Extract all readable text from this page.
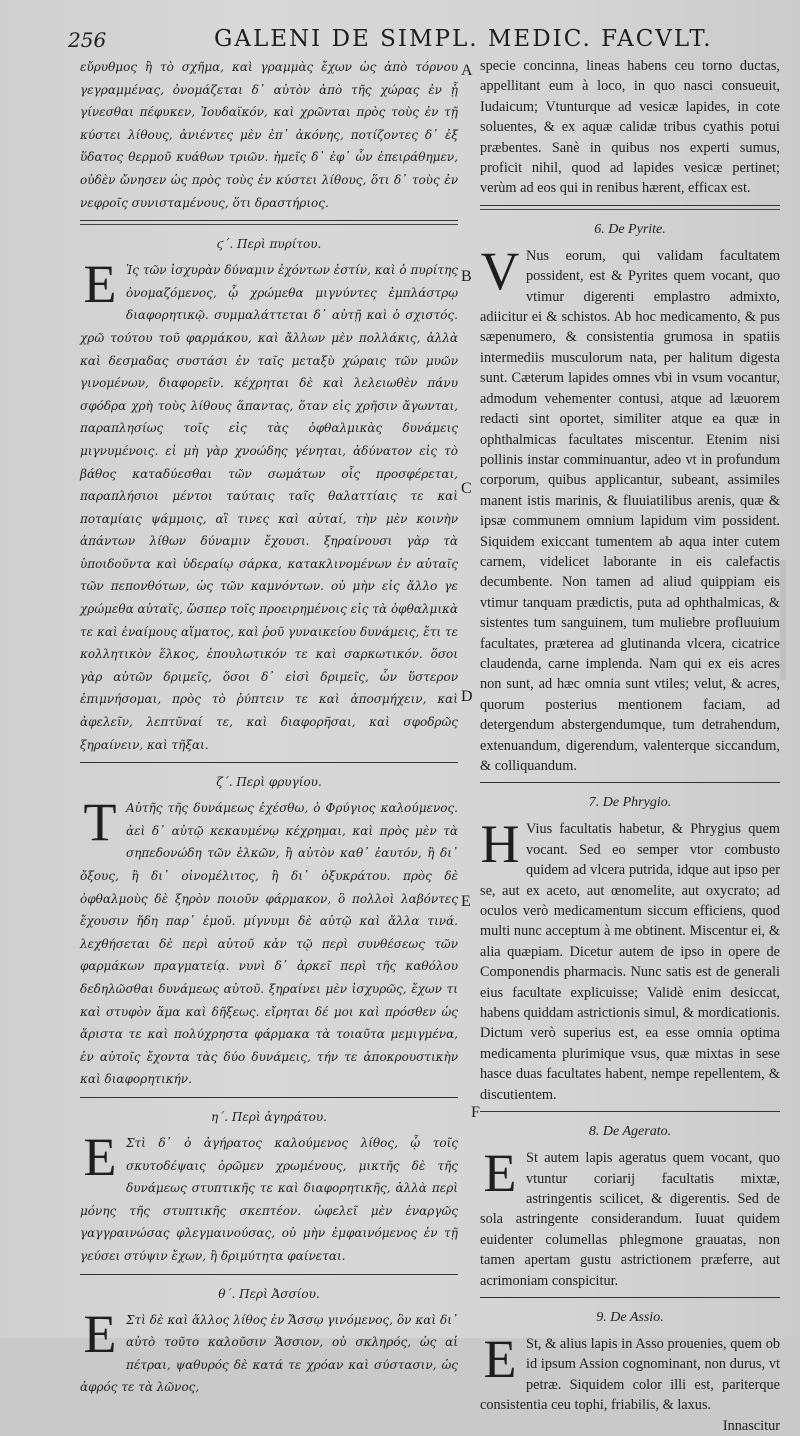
256	GALENI DE SIMPL. MEDIC. FACVLT.
A
B
C
D
E
F

εὔρυθμος ἢ τὸ σχῆμα, καὶ γραμμὰς ἔχων ὡς ἀπὸ τόρνου γεγραμμένας, ὀνομάζεται δ᾽ αὐτὸν ἀπὸ τῆς χώρας ἐν ᾗ γίνεσθαι πέφυκεν, Ἰουδαϊκόν, καὶ χρῶνται πρὸς τοὺς ἐν τῇ κύστει λίθους, ἀνιέντες μὲν ἐπ᾽ ἀκόνης, ποτίζοντες δ᾽ ἐξ ὕδατος θερμοῦ κυάθων τριῶν. ἡμεῖς δ᾽ ἐφ᾽ ὧν ἐπειράθημεν, οὐδὲν ὤνησεν ὡς πρὸς τοὺς ἐν κύστει λίθους, ὅτι δ᾽ τοὺς ἐν νεφροῖς συνισταμένους, ὅτι δραστήριος.

ϛ΄. Περὶ πυρίτου.
Ε Ἰς τῶν ἰσχυρὰν δύναμιν ἐχόντων ἐστίν, καὶ ὁ πυρίτης ὀνομαζόμενος, ᾧ χρώμεθα μιγνύντες ἐμπλάστρῳ διαφορητικῷ. συμμαλάττεται δ᾽ αὐτῇ καὶ ὁ σχιστός. χρῶ τούτου τοῦ φαρμάκου, καὶ ἄλλων μὲν πολλάκις, ἀλλὰ καὶ δεσμαδας συστάσι ἐν ταῖς μεταξὺ χώραις τῶν μυῶν γινομένων, διαφορεῖν. κέχρηται δὲ καὶ λελειωθὲν πάνυ σφόδρα χρὴ τοὺς λίθους ἅπαντας, ὅταν εἰς χρῆσιν ἄγωνται, παραπλησίως τοῖς εἰς τὰς ὀφθαλμικὰς δυνάμεις μιγνυμένοις. εἰ μὴ γὰρ χνοώδης γένηται, ἀδύνατον εἰς τὸ βάθος καταδύεσθαι τῶν σωμάτων οἷς προσφέρεται, παραπλήσιοι μέντοι ταύταις ταῖς θαλαττίαις τε καὶ ποταμίαις ψάμμοις, αἳ τινες καὶ αὐταί, τὴν μὲν κοινὴν ἁπάντων λίθων δύναμιν ἔχουσι. ξηραίνουσι γὰρ τὰ ὑποιδοῦντα καὶ ὑδεραίῳ σάρκα, κατακλινομένων ἐν αὐταῖς τῶν πεπονθότων, ὡς τῶν καμνόντων. οὐ μὴν εἰς ἄλλο γε χρώμεθα αὐταῖς, ὥσπερ τοῖς προειρημένοις εἰς τὰ ὀφθαλμικὰ τε καὶ ἐναίμους αἵματος, καὶ ῥοῦ γυναικείου δυνάμεις, ἔτι τε κολλητικὸν ἕλκος, ἐπουλωτικόν τε καὶ σαρκωτικόν. ὅσοι γὰρ αὐτῶν δριμεῖς, ὅσοι δ᾽ εἰσὶ δριμεῖς, ὧν ὕστερον ἐπιμνήσομαι, πρὸς τὸ ῥύπτειν τε καὶ ἀποσμήχειν, καὶ ἀφελεῖν, λεπτῦναί τε, καὶ διαφορῆσαι, καὶ σφοδρῶς ξηραίνειν, καὶ τῆξαι.

ζ΄. Περὶ φρυγίου.
Τ Αὐτῆς τῆς δυνάμεως ἐχέσθω, ὁ Φρύγιος καλούμενος. ἀεὶ δ᾽ αὐτῷ κεκαυμένῳ κέχρημαι, καὶ πρὸς μὲν τὰ σηπεδονώδη τῶν ἑλκῶν, ἢ αὐτὸν καθ᾽ ἑαυτόν, ἢ δι᾽ ὄξους, ἢ δι᾽ οἰνομέλιτος, ἢ δι᾽ ὀξυκράτου. πρὸς δὲ ὀφθαλμοὺς δὲ ξηρὸν ποιοῦν φάρμακον, ὃ πολλοὶ λαβόντες ἔχουσιν ἤδη παρ᾽ ἐμοῦ. μίγνυμι δὲ αὐτῷ καὶ ἄλλα τινά. λεχθήσεται δὲ περὶ αὐτοῦ κἀν τῷ περὶ συνθέσεως τῶν φαρμάκων πραγματείᾳ. νυνὶ δ᾽ ἀρκεῖ περὶ τῆς καθόλου δεδηλῶσθαι δυνάμεως αὐτοῦ. ξηραίνει μὲν ἰσχυρῶς, ἔχων τι καὶ στυφὸν ἅμα καὶ δῆξεως. εἴρηται δέ μοι καὶ πρόσθεν ὡς ἄριστα τε καὶ πολύχρηστα φάρμακα τὰ τοιαῦτα μεμιγμένα, ἐν αὐτοῖς ἔχοντα τὰς δύο δυνάμεις, τήν τε ἀποκρουστικὴν καὶ διαφορητικήν.

η΄. Περὶ ἀγηράτου.
Ε Στὶ δ᾽ ὁ ἀγήρατος καλούμενος λίθος, ᾧ τοῖς σκυτοδέψαις ὁρῶμεν χρωμένους, μικτῆς δὲ τῆς δυνάμεως στυπτικῆς τε καὶ διαφορητικῆς, ἀλλὰ περὶ μόνης τῆς στυπτικῆς σκεπτέον. ὠφελεῖ μὲν ἐναργῶς γαγγραινώσας φλεγμαινούσας, οὐ μὴν ἐμφαινόμενος ἐν τῇ γεύσει στύψιν ἔχων, ἢ δριμύτητα φαίνεται.

θ΄. Περὶ Ἀσσίου.
Ε Στὶ δὲ καὶ ἄλλος λίθος ἐν Ἄσσῳ γινόμενος, ὃν καὶ δι᾽ αὐτὸ τοῦτο καλοῦσιν Ἄσσιον, οὐ σκληρός, ὡς αἱ πέτραι, ψαθυρός δὲ κατά τε χρόαν καὶ σύστασιν, ὡς ἀφρός τε τὰ λῶνος,

specie concinna, lineas habens ceu torno ductas, appellitant eum à loco, in quo nasci consueuit, Iudaicum; Vtunturque ad vesicæ lapides, in cote soluentes, & ex aquæ calidæ tribus cyathis potui præbentes. Sanè in quibus nos experti sumus, proficit nihil, quod ad lapides vesicæ pertinet; verùm ad eos qui in renibus hærent, efficax est.

6. De Pyrite.
V Nus eorum, qui validam facultatem possident, est & Pyrites quem vocant, quo vtimur digerenti emplastro admixto, adiicitur ei & schistos. Ab hoc medicamento, & pus sæpenumero, & consistentia grumosa in spatiis intermediis musculorum nata, per halitum digesta sunt. Cæterum lapides omnes vbi in vsum vocantur, admodum vehementer contusi, atque ad læuorem redacti sint oportet, similiter atque ea quæ in ophthalmicas facultates miscentur. Etenim nisi pollinis instar comminuantur, adeo vt in profundum corporum, quibus applicantur, subeant, assimiles manent istis marinis, & fluuiatilibus arenis, quæ & ipsæ communem omnium lapidum vim possident. Siquidem exiccant tumentem ab aqua inter cutem carnem, videlicet laborante in eis calefactis decumbente. Non tamen ad aliud quippiam eis vtimur tanquam prædictis, puta ad ophthalmicas, & sistentes tum sanguinem, tum muliebre profluuium facultates, præterea ad glutinanda vlcera, cicatrice claudenda, carne implenda. Nam qui ex eis acres non sunt, ad hæc omnia sunt vtiles; velut, & acres, quorum posterius mentionem faciam, ad detergendum abstergendumque, tum detrahendum, extenuandum, digerendum, valenterque siccandum, & colliquandum.

7. De Phrygio.
H Vius facultatis habetur, & Phrygius quem vocant. Sed eo semper vtor combusto quidem ad vlcera putrida, idque aut ipso per se, aut ex aceto, aut œnomelite, aut oxycrato; ad oculos verò medicamentum siccum efficiens, quod multi nunc acceptum à me obtinent. Miscentur ei, & alia quæpiam. Dicetur autem de ipso in opere de Componendis pharmacis. Nunc satis est de generali eius facultate explicuisse; Validè enim desiccat, habens quiddam astrictionis simul, & mordicationis. Dictum verò superius est, ea esse omnia optima medicamenta plurimique vsus, quæ mixtas in sese hasce duas facultates habent, nempe repellentem, & discutientem.

8. De Agerato.
E St autem lapis ageratus quem vocant, quo vtuntur coriarij facultatis mixtæ, astringentis scilicet, & digerentis. Sed de sola astringente considerandum. Iuuat quidem euidenter columellas phlegmone grauatas, non tamen apertam gustu astrictionem præferre, aut acrimoniam conspicitur.

9. De Assio.
E St, & alius lapis in Asso prouenies, quem ob id ipsum Assion cognominant, non durus, vt petræ. Siquidem color illi est, pariterque consistentia ceu tophi, friabilis, & laxus.

Innascitur
